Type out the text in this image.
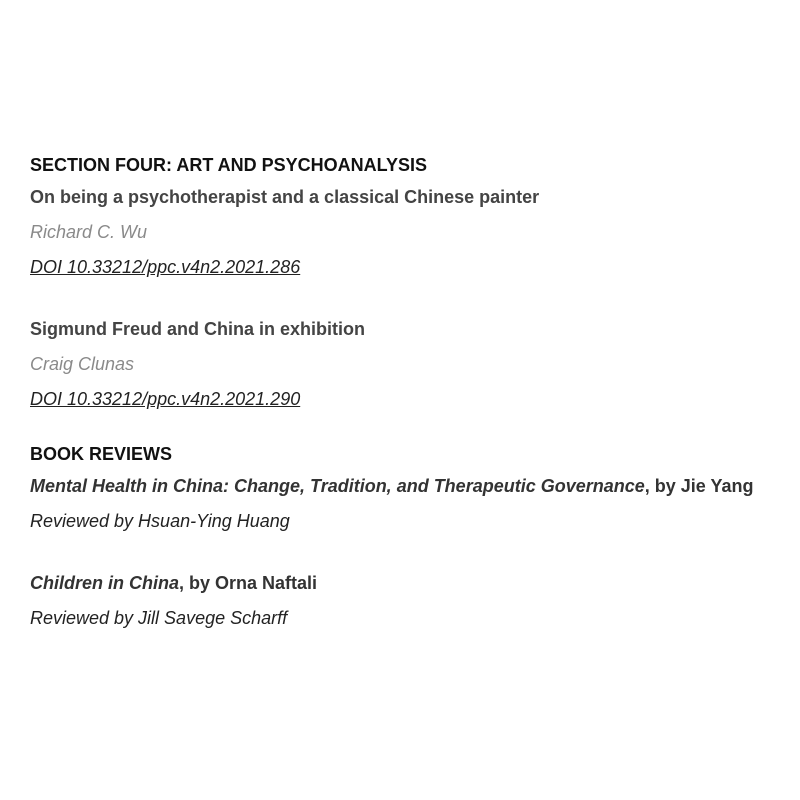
SECTION FOUR: ART AND PSYCHOANALYSIS
On being a psychotherapist and a classical Chinese painter
Richard C. Wu
DOI 10.33212/ppc.v4n2.2021.286
Sigmund Freud and China in exhibition
Craig Clunas
DOI 10.33212/ppc.v4n2.2021.290
BOOK REVIEWS
Mental Health in China: Change, Tradition, and Therapeutic Governance, by Jie Yang
Reviewed by Hsuan-Ying Huang
Children in China, by Orna Naftali
Reviewed by Jill Savege Scharff
